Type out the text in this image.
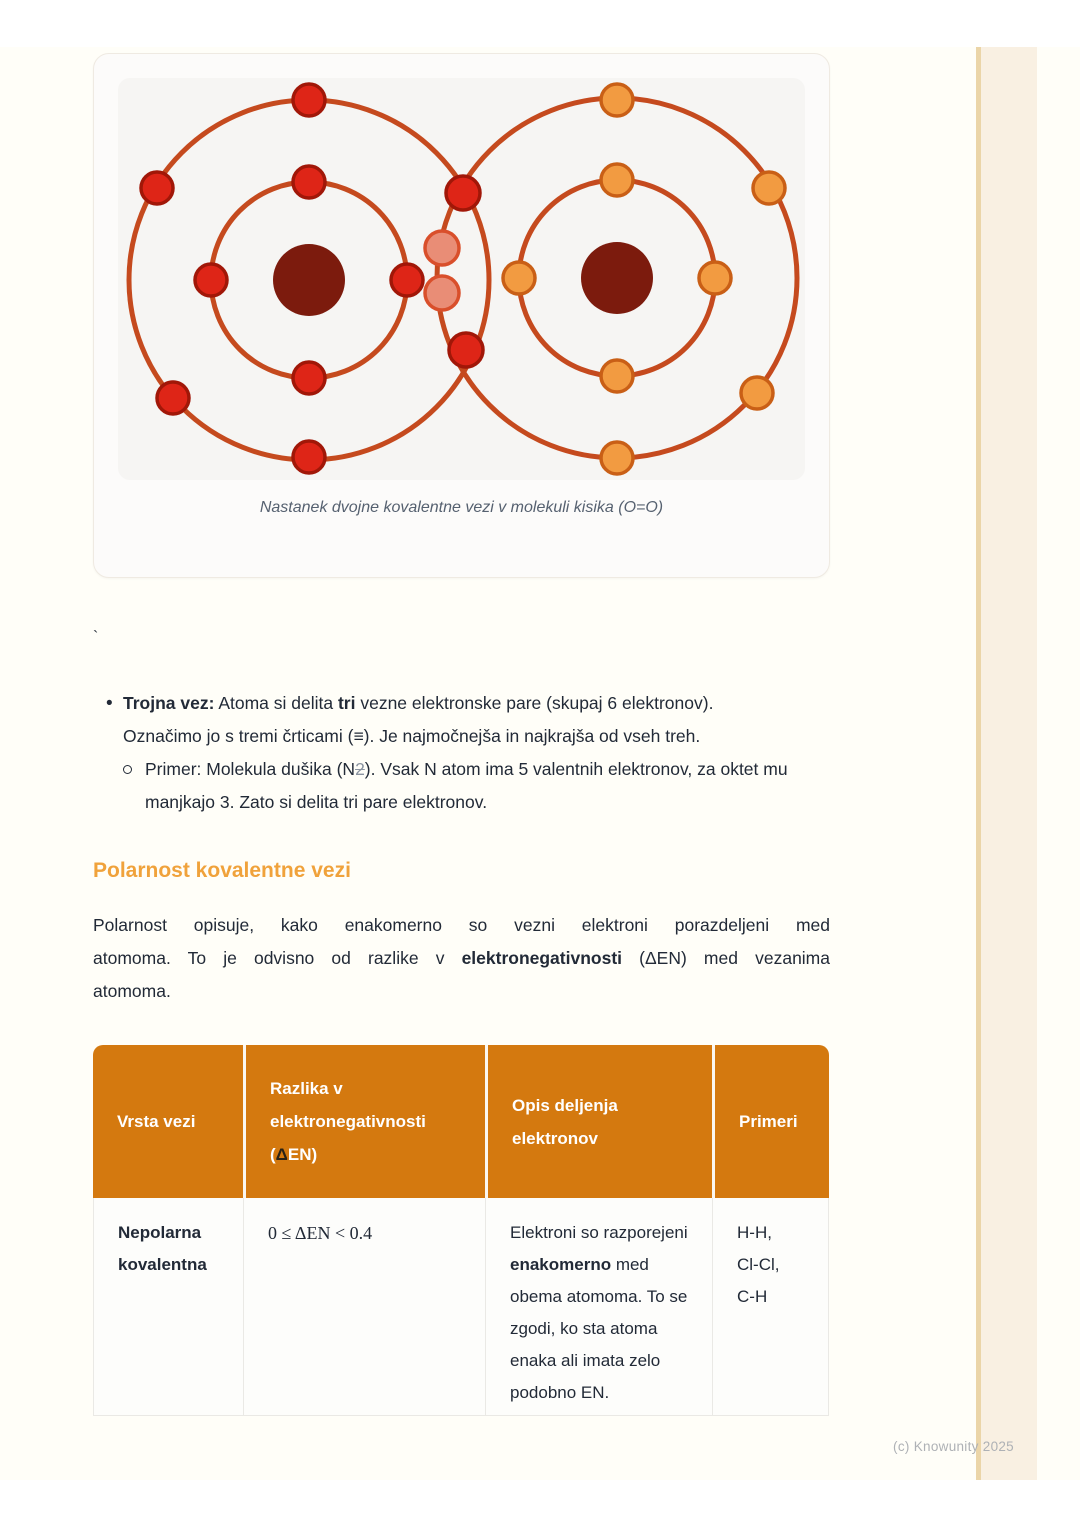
(c) Knowunity 2025
Nastanek dvojne kovalentne vezi v molekuli kisika (O=O)
`
• Trojna vez: Atoma si delita tri vezne elektronske pare (skupaj 6 elektronov). Označimo jo s tremi črticami (≡). Je najmočnejša in najkrajša od vseh treh.
Primer: Molekula dušika (N2). Vsak N atom ima 5 valentnih elektronov, za oktet mu manjkajo 3. Zato si delita tri pare elektronov.
Polarnost kovalentne vezi
Polarnost opisuje, kako enakomerno so vezni elektroni porazdeljeni med
atomoma. To je odvisno od razlike v elektronegativnosti (ΔEN) med vezanima
atomoma.
Vrsta vezi	Razlika v elektronegativnosti (ΔEN)	Opis deljenja elektronov	Primeri
Nepolarna kovalentna	0 ≤ ΔEN < 0.4	Elektroni so razporejeni enakomerno med obema atomoma. To se zgodi, ko sta atoma enaka ali imata zelo podobno EN.	H-H,
Cl-Cl,
C-H
